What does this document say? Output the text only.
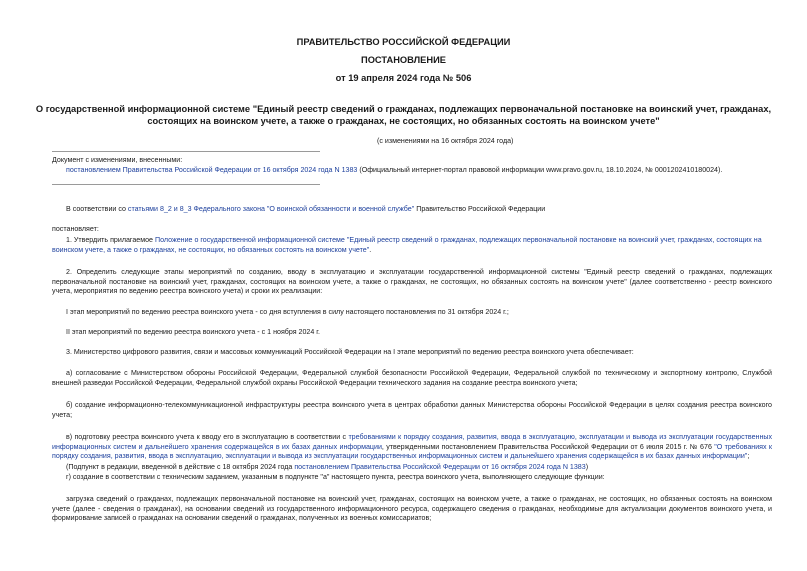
ПРАВИТЕЛЬСТВО РОССИЙСКОЙ ФЕДЕРАЦИИ
ПОСТАНОВЛЕНИЕ
от 19 апреля 2024 года № 506
О государственной информационной системе "Единый реестр сведений о гражданах, подлежащих первоначальной постановке на воинский учет, гражданах,
состоящих на воинском учете, а также о гражданах, не состоящих, но обязанных состоять на воинском учете"
(с изменениями на 16 октября 2024 года)
Документ с изменениями, внесенными:
постановлением Правительства Российской Федерации от 16 октября 2024 года N 1383 (Официальный интернет-портал правовой информации www.pravo.gov.ru, 18.10.2024, № 0001202410180024).
В соответствии со статьями 8_2 и 8_3 Федерального закона "О воинской обязанности и военной службе" Правительство Российской Федерации
постановляет:
1. Утвердить прилагаемое Положение о государственной информационной системе "Единый реестр сведений о гражданах, подлежащих первоначальной постановке на воинский учет, гражданах, состоящих на воинском учете, а также о гражданах, не состоящих, но обязанных состоять на воинском учете".
2. Определить следующие этапы мероприятий по созданию, вводу в эксплуатацию и эксплуатации государственной информационной системы "Единый реестр сведений о гражданах, подлежащих первоначальной постановке на воинский учет, гражданах, состоящих на воинском учете, а также о гражданах, не состоящих, но обязанных состоять на воинском учете" (далее соответственно - реестр воинского учета, мероприятия по ведению реестра воинского учета) и сроки их реализации:
I этап мероприятий по ведению реестра воинского учета - со дня вступления в силу настоящего постановления по 31 октября 2024 г.;
II этап мероприятий по ведению реестра воинского учета - с 1 ноября 2024 г.
3. Министерство цифрового развития, связи и массовых коммуникаций Российской Федерации на I этапе мероприятий по ведению реестра воинского учета обеспечивает:
а) согласование с Министерством обороны Российской Федерации, Федеральной службой безопасности Российской Федерации, Федеральной службой по техническому и экспортному контролю, Службой внешней разведки Российской Федерации, Федеральной службой охраны Российской Федерации технического задания на создание реестра воинского учета;
б) создание информационно-телекоммуникационной инфраструктуры реестра воинского учета в центрах обработки данных Министерства обороны Российской Федерации в целях создания реестра воинского учета;
в) подготовку реестра воинского учета к вводу его в эксплуатацию в соответствии с требованиями к порядку создания, развития, ввода в эксплуатацию, эксплуатации и вывода из эксплуатации государственных информационных систем и дальнейшего хранения содержащейся в их базах данных информации, утвержденными постановлением Правительства Российской Федерации от 6 июля 2015 г. № 676 "О требованиях к порядку создания, развития, ввода в эксплуатацию, эксплуатации и вывода из эксплуатации государственных информационных систем и дальнейшего хранения содержащейся в их базах данных информации";
(Подпункт в редакции, введенной в действие с 18 октября 2024 года постановлением Правительства Российской Федерации от 16 октября 2024 года N 1383)
г) создание в соответствии с техническим заданием, указанным в подпункте "а" настоящего пункта, реестра воинского учета, выполняющего следующие функции:
загрузка сведений о гражданах, подлежащих первоначальной постановке на воинский учет, гражданах, состоящих на воинском учете, а также о гражданах, не состоящих, но обязанных состоять на воинском учете (далее - сведения о гражданах), на основании сведений из государственного информационного ресурса, содержащего сведения о гражданах, необходимые для актуализации документов воинского учета, и формирование записей о гражданах на основании сведений о гражданах, полученных из военных комиссариатов;
